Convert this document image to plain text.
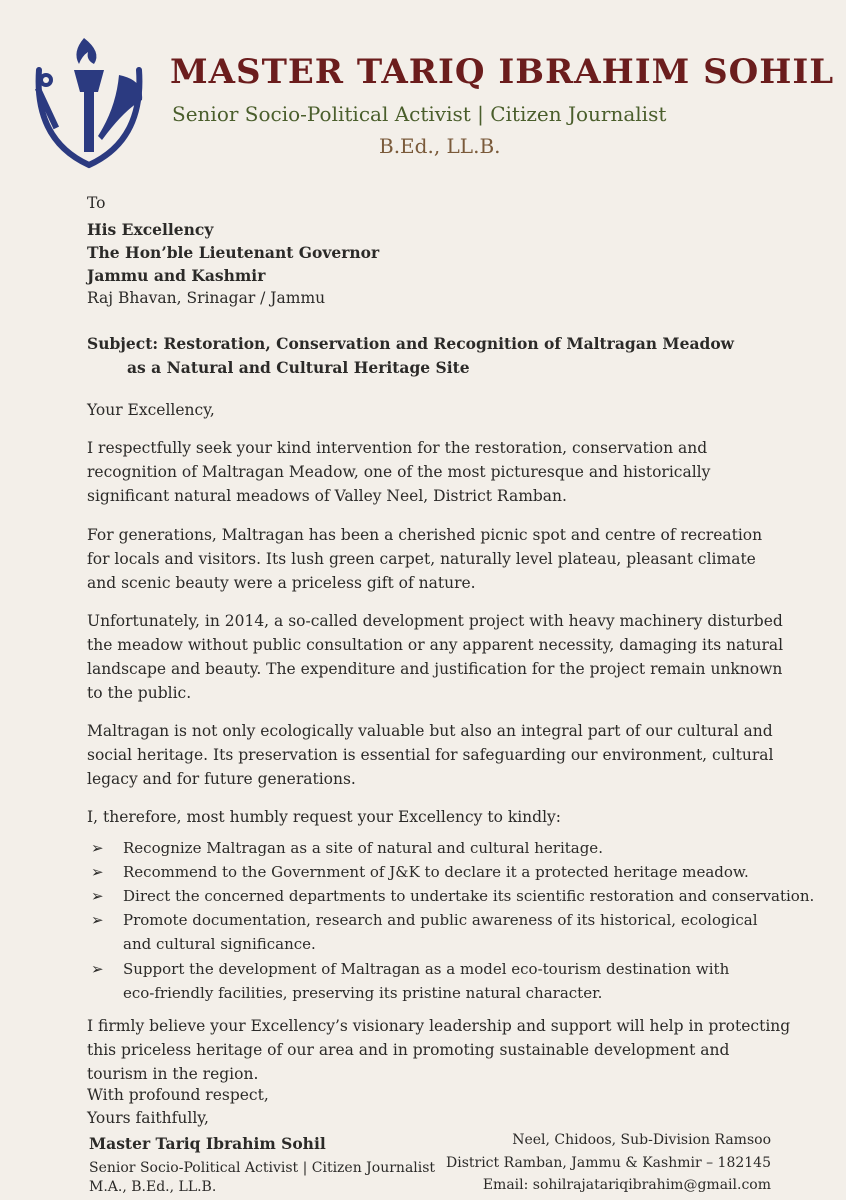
MASTER TARIQ IBRAHIM SOHIL
Senior Socio-Political Activist | Citizen Journalist
B.Ed., LL.B.
To
His Excellency
The Hon’ble Lieutenant Governor
Jammu and Kashmir
Raj Bhavan, Srinagar / Jammu
Subject: Restoration, Conservation and Recognition of Maltragan Meadow
as a Natural and Cultural Heritage Site
Your Excellency,
I respectfully seek your kind intervention for the restoration, conservation and
recognition of Maltragan Meadow, one of the most picturesque and historically
significant natural meadows of Valley Neel, District Ramban.
For generations, Maltragan has been a cherished picnic spot and centre of recreation
for locals and visitors. Its lush green carpet, naturally level plateau, pleasant climate
and scenic beauty were a priceless gift of nature.
Unfortunately, in 2014, a so-called development project with heavy machinery disturbed
the meadow without public consultation or any apparent necessity, damaging its natural
landscape and beauty. The expenditure and justification for the project remain unknown
to the public.
Maltragan is not only ecologically valuable but also an integral part of our cultural and
social heritage. Its preservation is essential for safeguarding our environment, cultural
legacy and for future generations.
I, therefore, most humbly request your Excellency to kindly:
➢ Recognize Maltragan as a site of natural and cultural heritage.
➢ Recommend to the Government of J&K to declare it a protected heritage meadow.
➢ Direct the concerned departments to undertake its scientific restoration and conservation.
➢ Promote documentation, research and public awareness of its historical, ecological
and cultural significance.
➢ Support the development of Maltragan as a model eco-tourism destination with
eco-friendly facilities, preserving its pristine natural character.
I firmly believe your Excellency’s visionary leadership and support will help in protecting
this priceless heritage of our area and in promoting sustainable development and
tourism in the region.
With profound respect,
Yours faithfully,
Master Tariq Ibrahim Sohil
Senior Socio-Political Activist | Citizen Journalist
M.A., B.Ed., LL.B.
Neel, Chidoos, Sub-Division Ramsoo
District Ramban, Jammu & Kashmir – 182145
Email: sohilrajatariqibrahim@gmail.com
